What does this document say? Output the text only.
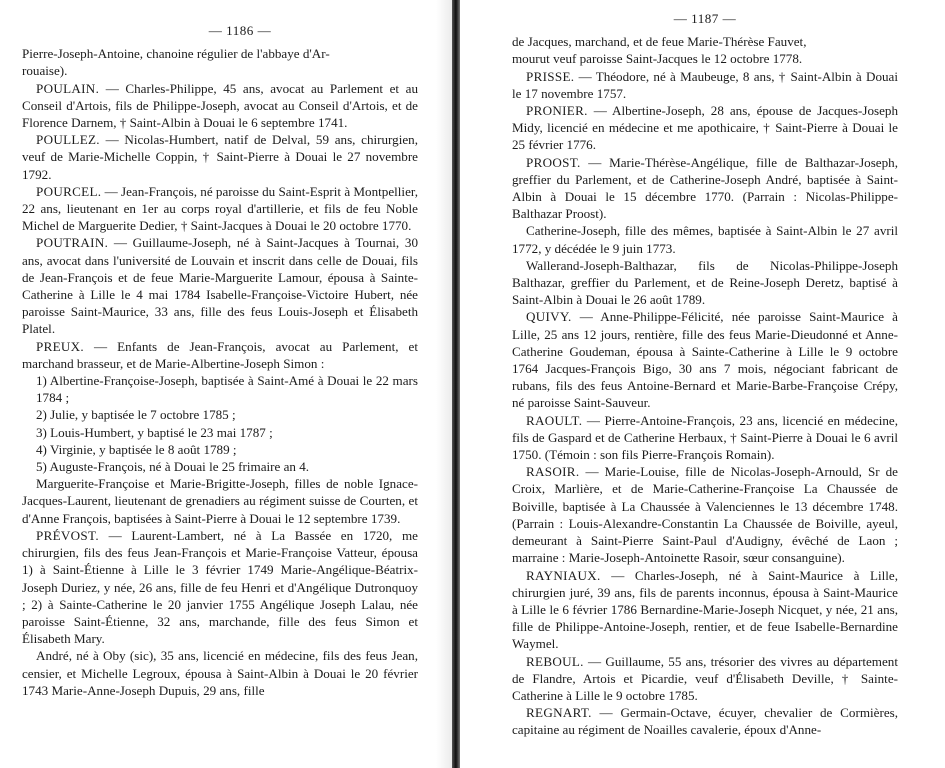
— 1186 —

Pierre-Joseph-Antoine, chanoine régulier de l'abbaye d'Ar-
rouaise).

POULAIN. — Charles-Philippe, 45 ans, avocat au Parlement et au Conseil d'Artois, fils de Philippe-Joseph, avocat au Conseil d'Artois, et de Florence Darnem, † Saint-Albin à Douai le 6 septembre 1741.

POULLEZ. — Nicolas-Humbert, natif de Delval, 59 ans, chirurgien, veuf de Marie-Michelle Coppin, † Saint-Pierre à Douai le 27 novembre 1792.

POURCEL. — Jean-François, né paroisse du Saint-Esprit à Montpellier, 22 ans, lieutenant en 1er au corps royal d'artillerie, et fils de feu Noble Michel de Marguerite Dedier, † Saint-Jacques à Douai le 20 octobre 1770.

POUTRAIN. — Guillaume-Joseph, né à Saint-Jacques à Tournai, 30 ans, avocat dans l'université de Louvain et inscrit dans celle de Douai, fils de Jean-François et de feue Marie-Marguerite Lamour, épousa à Sainte-Catherine à Lille le 4 mai 1784 Isabelle-Françoise-Victoire Hubert, née paroisse Saint-Maurice, 33 ans, fille des feus Louis-Joseph et Élisabeth Platel.

PREUX. — Enfants de Jean-François, avocat au Parlement, et marchand brasseur, et de Marie-Albertine-Joseph Simon :

1) Albertine-Françoise-Joseph, baptisée à Saint-Amé à Douai le 22 mars 1784 ;

2) Julie, y baptisée le 7 octobre 1785 ;

3) Louis-Humbert, y baptisé le 23 mai 1787 ;

4) Virginie, y baptisée le 8 août 1789 ;

5) Auguste-François, né à Douai le 25 frimaire an 4.

Marguerite-Françoise et Marie-Brigitte-Joseph, filles de noble Ignace-Jacques-Laurent, lieutenant de grenadiers au régiment suisse de Courten, et d'Anne François, baptisées à Saint-Pierre à Douai le 12 septembre 1739.

PRÉVOST. — Laurent-Lambert, né à La Bassée en 1720, me chirurgien, fils des feus Jean-François et Marie-Françoise Vatteur, épousa 1) à Saint-Étienne à Lille le 3 février 1749 Marie-Angélique-Béatrix-Joseph Duriez, y née, 26 ans, fille de feu Henri et d'Angélique Dutronquoy ; 2) à Sainte-Catherine le 20 janvier 1755 Angélique Joseph Lalau, née paroisse Saint-Étienne, 32 ans, marchande, fille des feus Simon et Élisabeth Mary.

André, né à Oby (sic), 35 ans, licencié en médecine, fils des feus Jean, censier, et Michelle Legroux, épousa à Saint-Albin à Douai le 20 février 1743 Marie-Anne-Joseph Dupuis, 29 ans, fille

— 1187 —

de Jacques, marchand, et de feue Marie-Thérèse Fauvet,
mourut veuf paroisse Saint-Jacques le 12 octobre 1778.

PRISSE. — Théodore, né à Maubeuge, 8 ans, † Saint-Albin à Douai le 17 novembre 1757.

PRONIER. — Albertine-Joseph, 28 ans, épouse de Jacques-Joseph Midy, licencié en médecine et me apothicaire, † Saint-Pierre à Douai le 25 février 1776.

PROOST. — Marie-Thérèse-Angélique, fille de Balthazar-Joseph, greffier du Parlement, et de Catherine-Joseph André, baptisée à Saint-Albin à Douai le 15 décembre 1770. (Parrain : Nicolas-Philippe-Balthazar Proost).

Catherine-Joseph, fille des mêmes, baptisée à Saint-Albin le 27 avril 1772, y décédée le 9 juin 1773.

Wallerand-Joseph-Balthazar, fils de Nicolas-Philippe-Joseph Balthazar, greffier du Parlement, et de Reine-Joseph Deretz, baptisé à Saint-Albin à Douai le 26 août 1789.

QUIVY. — Anne-Philippe-Félicité, née paroisse Saint-Maurice à Lille, 25 ans 12 jours, rentière, fille des feus Marie-Dieudonné et Anne-Catherine Goudeman, épousa à Sainte-Catherine à Lille le 9 octobre 1764 Jacques-François Bigo, 30 ans 7 mois, négociant fabricant de rubans, fils des feus Antoine-Bernard et Marie-Barbe-Françoise Crépy, né paroisse Saint-Sauveur.

RAOULT. — Pierre-Antoine-François, 23 ans, licencié en médecine, fils de Gaspard et de Catherine Herbaux, † Saint-Pierre à Douai le 6 avril 1750. (Témoin : son fils Pierre-François Romain).

RASOIR. — Marie-Louise, fille de Nicolas-Joseph-Arnould, Sr de Croix, Marlière, et de Marie-Catherine-Françoise La Chaussée de Boiville, baptisée à La Chaussée à Valenciennes le 13 décembre 1748. (Parrain : Louis-Alexandre-Constantin La Chaussée de Boiville, ayeul, demeurant à Saint-Pierre Saint-Paul d'Audigny, évêché de Laon ; marraine : Marie-Joseph-Antoinette Rasoir, sœur consanguine).

RAYNIAUX. — Charles-Joseph, né à Saint-Maurice à Lille, chirurgien juré, 39 ans, fils de parents inconnus, épousa à Saint-Maurice à Lille le 6 février 1786 Bernardine-Marie-Joseph Nicquet, y née, 21 ans, fille de Philippe-Antoine-Joseph, rentier, et de feue Isabelle-Bernardine Waymel.

REBOUL. — Guillaume, 55 ans, trésorier des vivres au département de Flandre, Artois et Picardie, veuf d'Élisabeth Deville, † Sainte-Catherine à Lille le 9 octobre 1785.

REGNART. — Germain-Octave, écuyer, chevalier de Cormières, capitaine au régiment de Noailles cavalerie, époux d'Anne-
